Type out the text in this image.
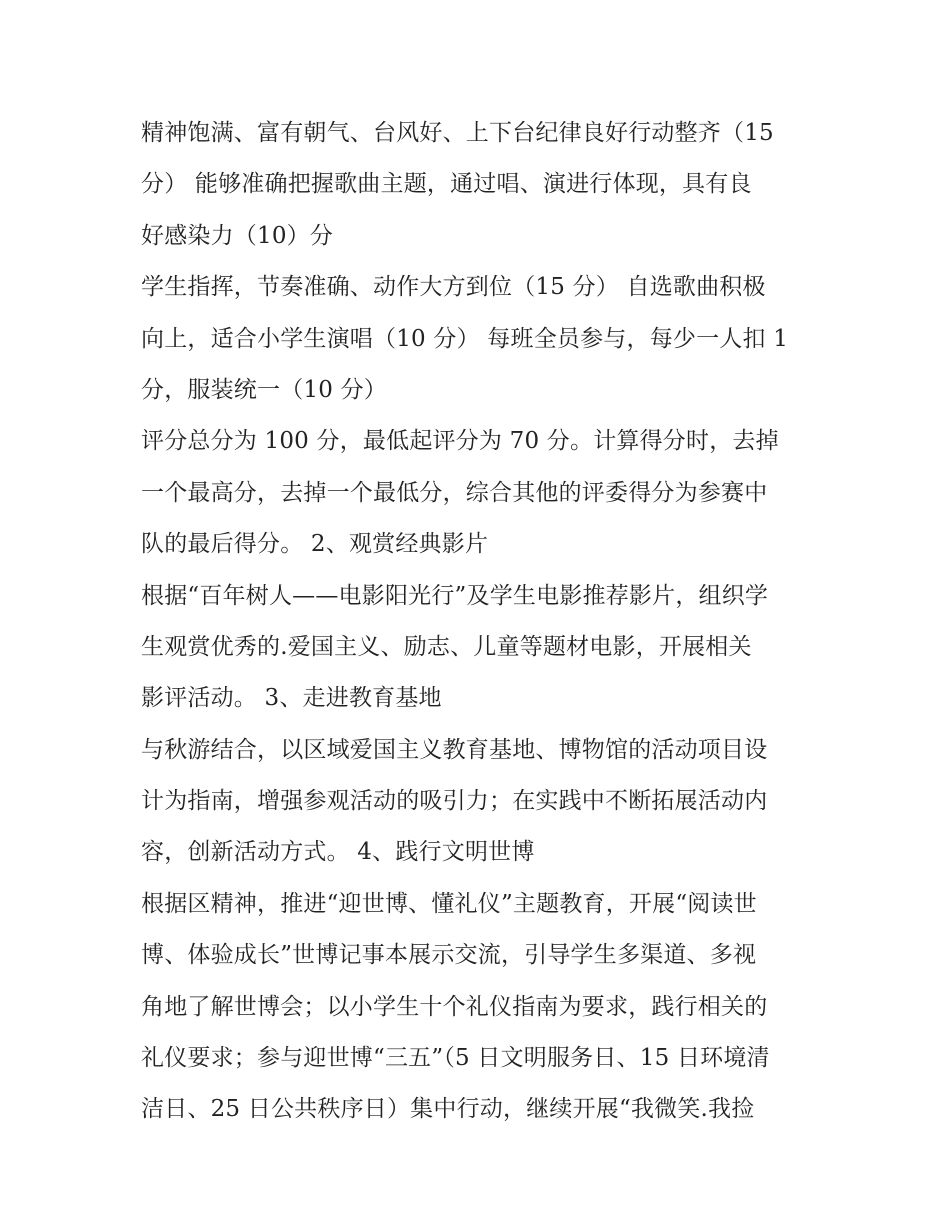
精神饱满、富有朝气、台风好、上下台纪律良好行动整齐（15
分） 能够准确把握歌曲主题，通过唱、演进行体现，具有良
好感染力（10）分
学生指挥，节奏准确、动作大方到位（15 分） 自选歌曲积极
向上，适合小学生演唱（10 分） 每班全员参与，每少一人扣 1
分，服装统一（10 分）
评分总分为 100 分，最低起评分为 70 分。计算得分时，去掉
一个最高分，去掉一个最低分，综合其他的评委得分为参赛中
队的最后得分。 2、观赏经典影片
根据“百年树人——电影阳光行”及学生电影推荐影片，组织学
生观赏优秀的.爱国主义、励志、儿童等题材电影，开展相关
影评活动。 3、走进教育基地
与秋游结合，以区域爱国主义教育基地、博物馆的活动项目设
计为指南，增强参观活动的吸引力；在实践中不断拓展活动内
容，创新活动方式。 4、践行文明世博
根据区精神，推进“迎世博、懂礼仪”主题教育，开展“阅读世
博、体验成长”世博记事本展示交流，引导学生多渠道、多视
角地了解世博会；以小学生十个礼仪指南为要求，践行相关的
礼仪要求；参与迎世博“三五”（5 日文明服务日、15 日环境清
洁日、25 日公共秩序日）集中行动，继续开展“我微笑.我捡
